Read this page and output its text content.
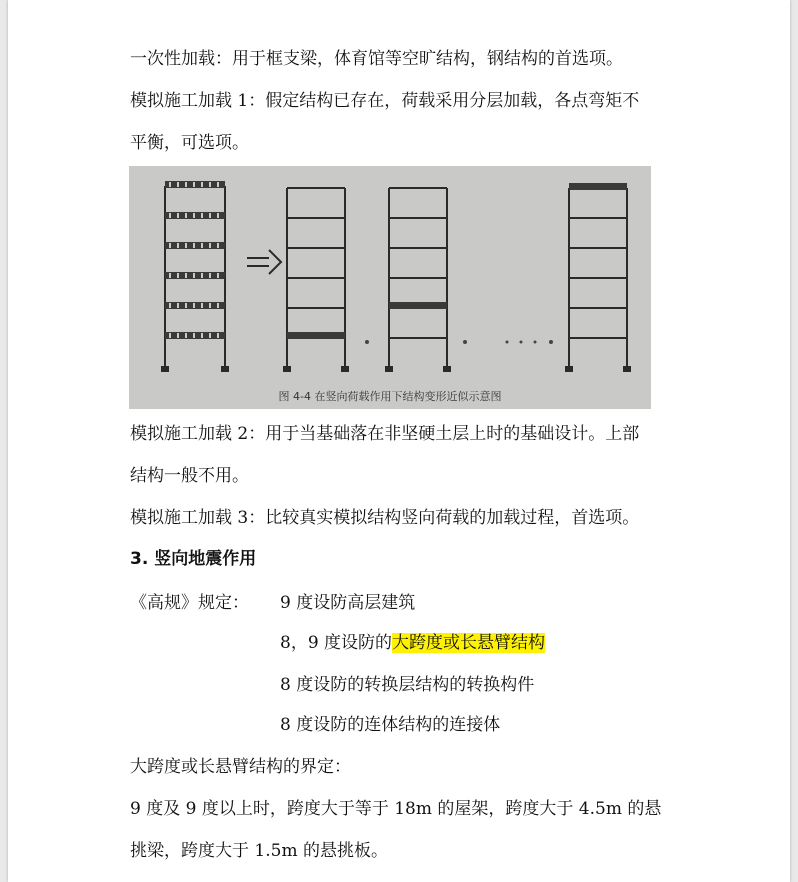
一次性加载：用于框支梁，体育馆等空旷结构，钢结构的首选项。
模拟施工加载 1：假定结构已存在，荷载采用分层加载，各点弯矩不
平衡，可选项。
图 4-4 在竖向荷载作用下结构变形近似示意图
模拟施工加载 2：用于当基础落在非坚硬土层上时的基础设计。上部
结构一般不用。
模拟施工加载 3：比较真实模拟结构竖向荷载的加载过程，首选项。
3. 竖向地震作用
《高规》规定： 9 度设防高层建筑
8，9 度设防的大跨度或长悬臂结构
8 度设防的转换层结构的转换构件
8 度设防的连体结构的连接体
大跨度或长悬臂结构的界定：
9 度及 9 度以上时，跨度大于等于 18m 的屋架，跨度大于 4.5m 的悬
挑梁，跨度大于 1.5m 的悬挑板。
